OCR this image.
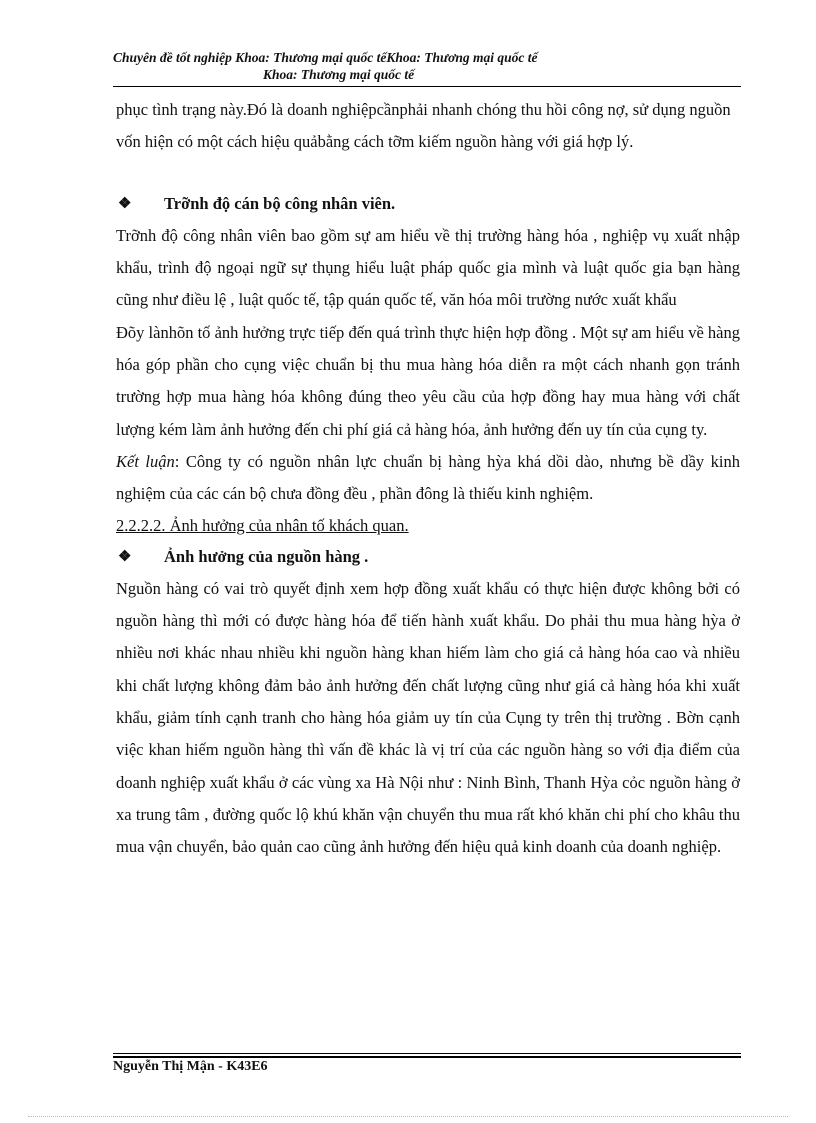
Chuyên đề tốt nghiệp Khoa: Thương mại quốc tếKhoa: Thương mại quốc tế
Khoa: Thương mại quốc tế

phục tình trạng này.Đó là doanh nghiệpcầnphải nhanh chóng thu hồi công nợ, sử dụng nguồn vốn hiện có một cách hiệu quảbằng cách tỡm kiếm nguồn hàng với giá hợp lý.

❖	Trỡnh độ cán bộ công nhân viên.

Trỡnh độ công nhân viên bao gồm sự am hiểu về thị trường hàng hóa , nghiệp vụ xuất nhập khẩu, trình độ ngoại ngữ sự thụng hiểu luật pháp quốc gia mình và luật quốc gia bạn hàng cũng như điều lệ , luật quốc tế, tập quán quốc tế, văn hóa môi trường nước xuất khẩu

Đõy lànhõn tố ảnh hưởng trực tiếp đến quá trình thực hiện hợp đồng . Một sự am hiểu về hàng hóa góp phần cho cụng việc chuẩn bị thu mua hàng hóa diễn ra một cách nhanh gọn tránh trường hợp mua hàng hóa không đúng theo yêu cầu của hợp đồng hay mua hàng với chất lượng kém làm ảnh hưởng đến chi phí giá cả hàng hóa, ảnh hưởng đến uy tín của cụng ty.

Kết luận: Công ty có nguồn nhân lực chuẩn bị hàng hỳa khá dồi dào, nhưng bề dầy kinh nghiệm của các cán bộ chưa đồng đều , phần đông là thiếu kinh nghiệm.

2.2.2.2. Ảnh hưởng của nhân tố khách quan.

❖	Ảnh hưởng của nguồn hàng .

Nguồn hàng có vai trò quyết định xem hợp đồng xuất khẩu có thực hiện được không bởi có nguồn hàng thì mới có được hàng hóa để tiến hành xuất khẩu. Do phải thu mua hàng hỳa ở nhiều nơi khác nhau nhiều khi nguồn hàng khan hiếm làm cho giá cả hàng hóa cao và nhiều khi chất lượng không đảm bảo ảnh hưởng đến chất lượng cũng như giá cả hàng hóa khi xuất khẩu, giảm tính cạnh tranh cho hàng hóa giảm uy tín của Cụng ty trên thị trường . Bờn cạnh việc khan hiếm nguồn hàng thì vấn đề khác là vị trí của các nguồn hàng so với địa điểm của doanh nghiệp xuất khẩu ở các vùng xa Hà Nội như : Ninh Bình, Thanh Hỳa cỏc nguồn hàng ở xa trung tâm , đường quốc lộ khú khăn vận chuyển thu mua rất khó khăn chi phí cho khâu thu mua vận chuyển, bảo quản cao cũng ảnh hưởng đến hiệu quả kinh doanh của doanh nghiệp.

Nguyễn Thị Mận - K43E6
